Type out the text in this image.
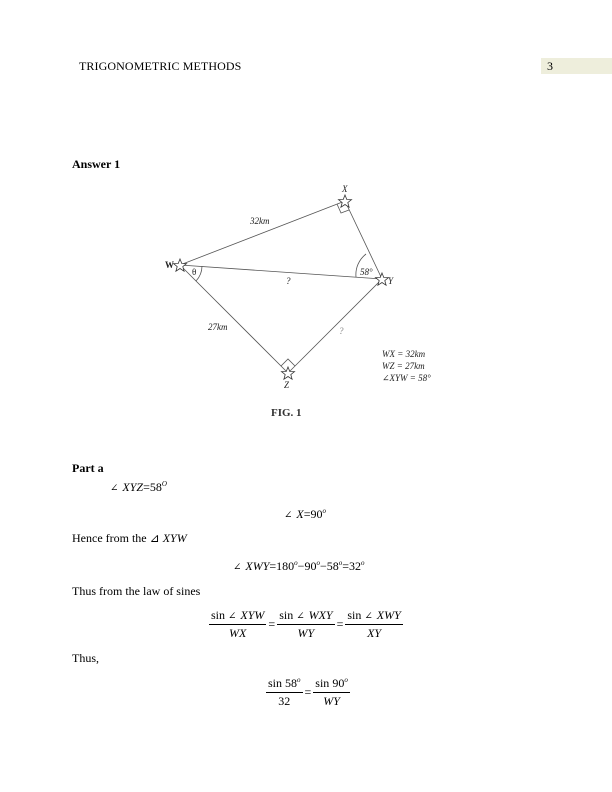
TRIGONOMETRIC METHODS	3
Answer 1
X
W
Y
Z
32km
27km
?
?
θ	58°
WX = 32km
WZ = 27km
∠XYW = 58°
FIG. 1
Part a
∠ $XYZ=58^O$
∠ $X=90^o$
Hence from the ⊿ XYW
∠ $XWY=180^o-90^o-58^o=32^o$
Thus from the law of sines
$\frac{\text{sin ∠ XYW}}{WX} = \frac{\text{sin ∠ WXY}}{WY} = \frac{\text{sin ∠ XWY}}{XY}$
Thus,
$\frac{\sin 58^o}{32} = \frac{\sin 90^o}{WY}$
